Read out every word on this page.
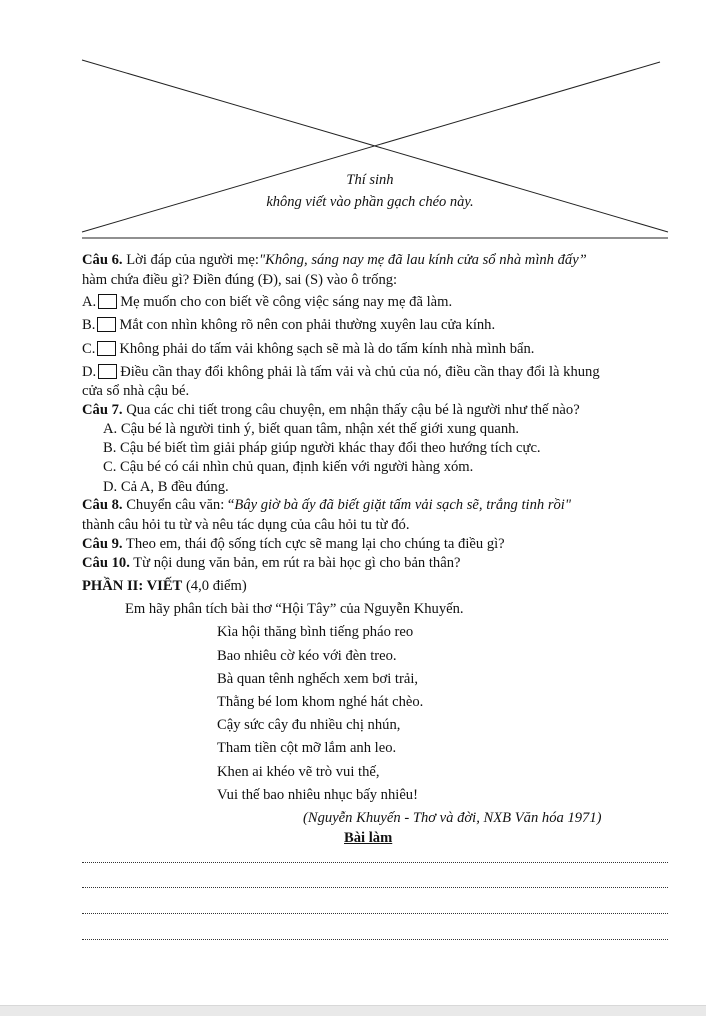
Thí sinh
không viết vào phần gạch chéo này.
Câu 6. Lời đáp của người mẹ:"Không, sáng nay mẹ đã lau kính cửa sổ nhà mình đấy”
hàm chứa điều gì? Điền đúng (Đ), sai (S) vào ô trống:
A. Mẹ muốn cho con biết về công việc sáng nay mẹ đã làm.
B. Mắt con nhìn không rõ nên con phải thường xuyên lau cửa kính.
C. Không phải do tấm vải không sạch sẽ mà là do tấm kính nhà mình bẩn.
D. Điều cần thay đổi không phải là tấm vải và chủ của nó, điều cần thay đổi là khung
cửa sổ nhà cậu bé.
Câu 7. Qua các chi tiết trong câu chuyện, em nhận thấy cậu bé là người như thế nào?
A. Cậu bé là người tinh ý, biết quan tâm, nhận xét thế giới xung quanh.
B. Cậu bé biết tìm giải pháp giúp người khác thay đổi theo hướng tích cực.
C. Cậu bé có cái nhìn chủ quan, định kiến với người hàng xóm.
D. Cả A, B đều đúng.
Câu 8. Chuyển câu văn: “Bây giờ bà ấy đã biết giặt tấm vải sạch sẽ, trắng tinh rồi"
thành câu hỏi tu từ và nêu tác dụng của câu hỏi tu từ đó.
Câu 9. Theo em, thái độ sống tích cực sẽ mang lại cho chúng ta điều gì?
Câu 10. Từ nội dung văn bản, em rút ra bài học gì cho bản thân?
PHẦN II: VIẾT (4,0 điểm)
Em hãy phân tích bài thơ “Hội Tây” của Nguyễn Khuyến.
Kìa hội thăng bình tiếng pháo reo
Bao nhiêu cờ kéo với đèn treo.
Bà quan tênh nghếch xem bơi trải,
Thằng bé lom khom nghé hát chèo.
Cậy sức cây đu nhiều chị nhún,
Tham tiền cột mỡ lắm anh leo.
Khen ai khéo vẽ trò vui thế,
Vui thế bao nhiêu nhục bấy nhiêu!
(Nguyễn Khuyến - Thơ và đời, NXB Văn hóa 1971)
Bài làm
